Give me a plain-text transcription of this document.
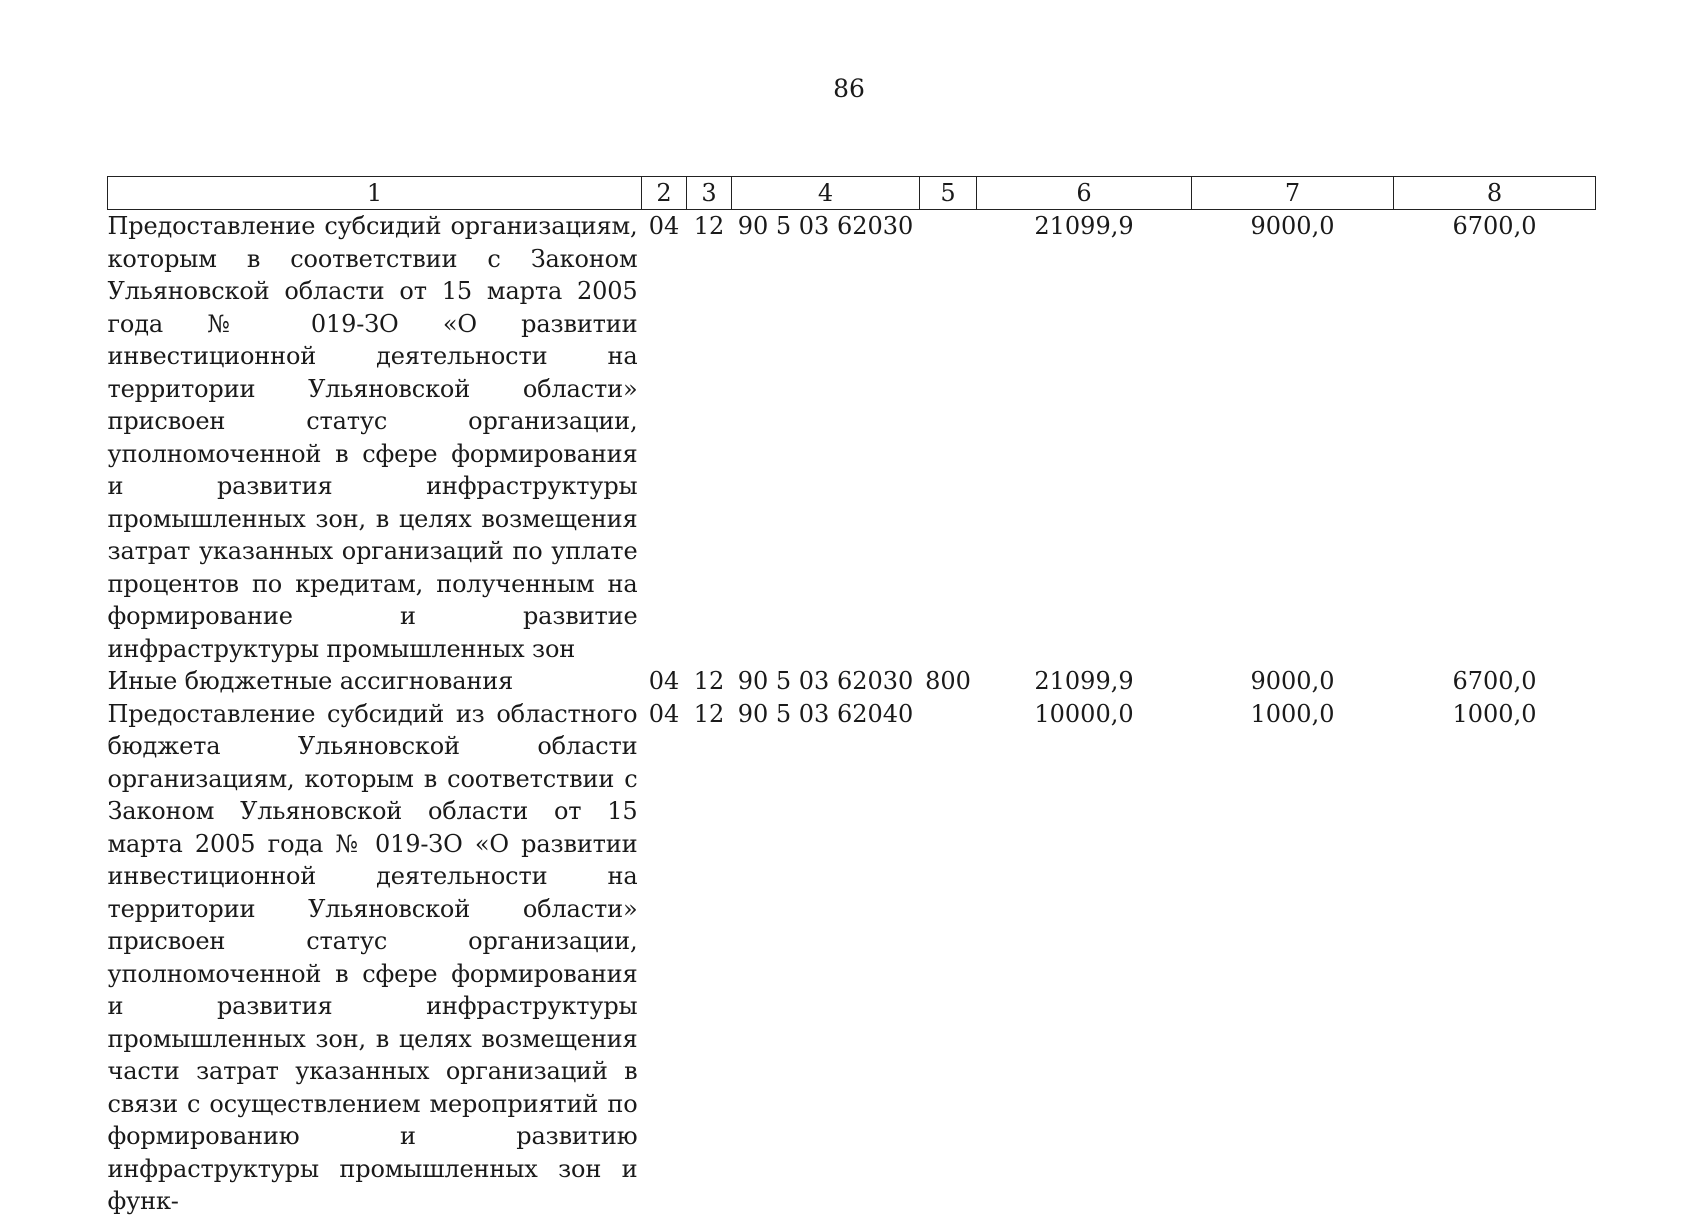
86
1	2	3	4	5	6	7	8
Предоставление субсидий организациям, которым в соответствии с Законом Ульяновской области от 15 марта 2005 года № 019-ЗО «О развитии инвестиционной деятельности на территории Ульяновской области» присвоен статус организации, уполномоченной в сфере формирования и развития инфраструктуры промышленных зон, в целях возмещения затрат указанных организаций по уплате процентов по кредитам, полученным на формирование и развитие инфраструктуры промышленных зон	04	12	90 5 03 62030		21099,9	9000,0	6700,0
Иные бюджетные ассигнования	04	12	90 5 03 62030	800	21099,9	9000,0	6700,0
Предоставление субсидий из областного бюджета Ульяновской области организациям, которым в соответствии с Законом Ульяновской области от 15 марта 2005 года № 019-ЗО «О развитии инвестиционной деятельности на территории Ульяновской области» присвоен статус организации, уполномоченной в сфере формирования и развития инфраструктуры промышленных зон, в целях возмещения части затрат указанных организаций в связи с осуществлением мероприятий по формированию и развитию инфраструктуры промышленных зон и функ-	04	12	90 5 03 62040		10000,0	1000,0	1000,0
